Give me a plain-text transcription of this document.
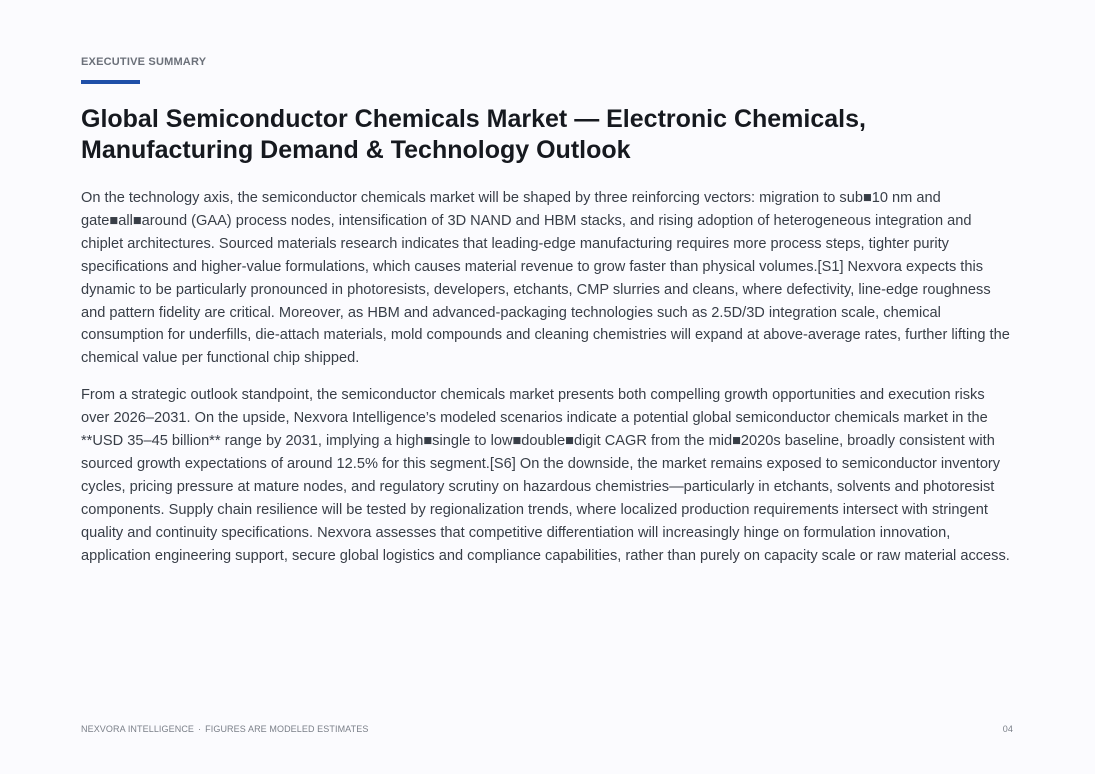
EXECUTIVE SUMMARY
Global Semiconductor Chemicals Market — Electronic Chemicals, Manufacturing Demand & Technology Outlook

On the technology axis, the semiconductor chemicals market will be shaped by three reinforcing vectors: migration to sub■10 nm and gate■all■around (GAA) process nodes, intensification of 3D NAND and HBM stacks, and rising adoption of heterogeneous integration and chiplet architectures. Sourced materials research indicates that leading-edge manufacturing requires more process steps, tighter purity specifications and higher-value formulations, which causes material revenue to grow faster than physical volumes.[S1] Nexvora expects this dynamic to be particularly pronounced in photoresists, developers, etchants, CMP slurries and cleans, where defectivity, line-edge roughness and pattern fidelity are critical. Moreover, as HBM and advanced-packaging technologies such as 2.5D/3D integration scale, chemical consumption for underfills, die-attach materials, mold compounds and cleaning chemistries will expand at above-average rates, further lifting the chemical value per functional chip shipped.

From a strategic outlook standpoint, the semiconductor chemicals market presents both compelling growth opportunities and execution risks over 2026–2031. On the upside, Nexvora Intelligence’s modeled scenarios indicate a potential global semiconductor chemicals market in the **USD 35–45 billion** range by 2031, implying a high■single to low■double■digit CAGR from the mid■2020s baseline, broadly consistent with sourced growth expectations of around 12.5% for this segment.[S6] On the downside, the market remains exposed to semiconductor inventory cycles, pricing pressure at mature nodes, and regulatory scrutiny on hazardous chemistries—particularly in etchants, solvents and photoresist components. Supply chain resilience will be tested by regionalization trends, where localized production requirements intersect with stringent quality and continuity specifications. Nexvora assesses that competitive differentiation will increasingly hinge on formulation innovation, application engineering support, secure global logistics and compliance capabilities, rather than purely on capacity scale or raw material access.

NEXVORA INTELLIGENCE · FIGURES ARE MODELED ESTIMATES	04
